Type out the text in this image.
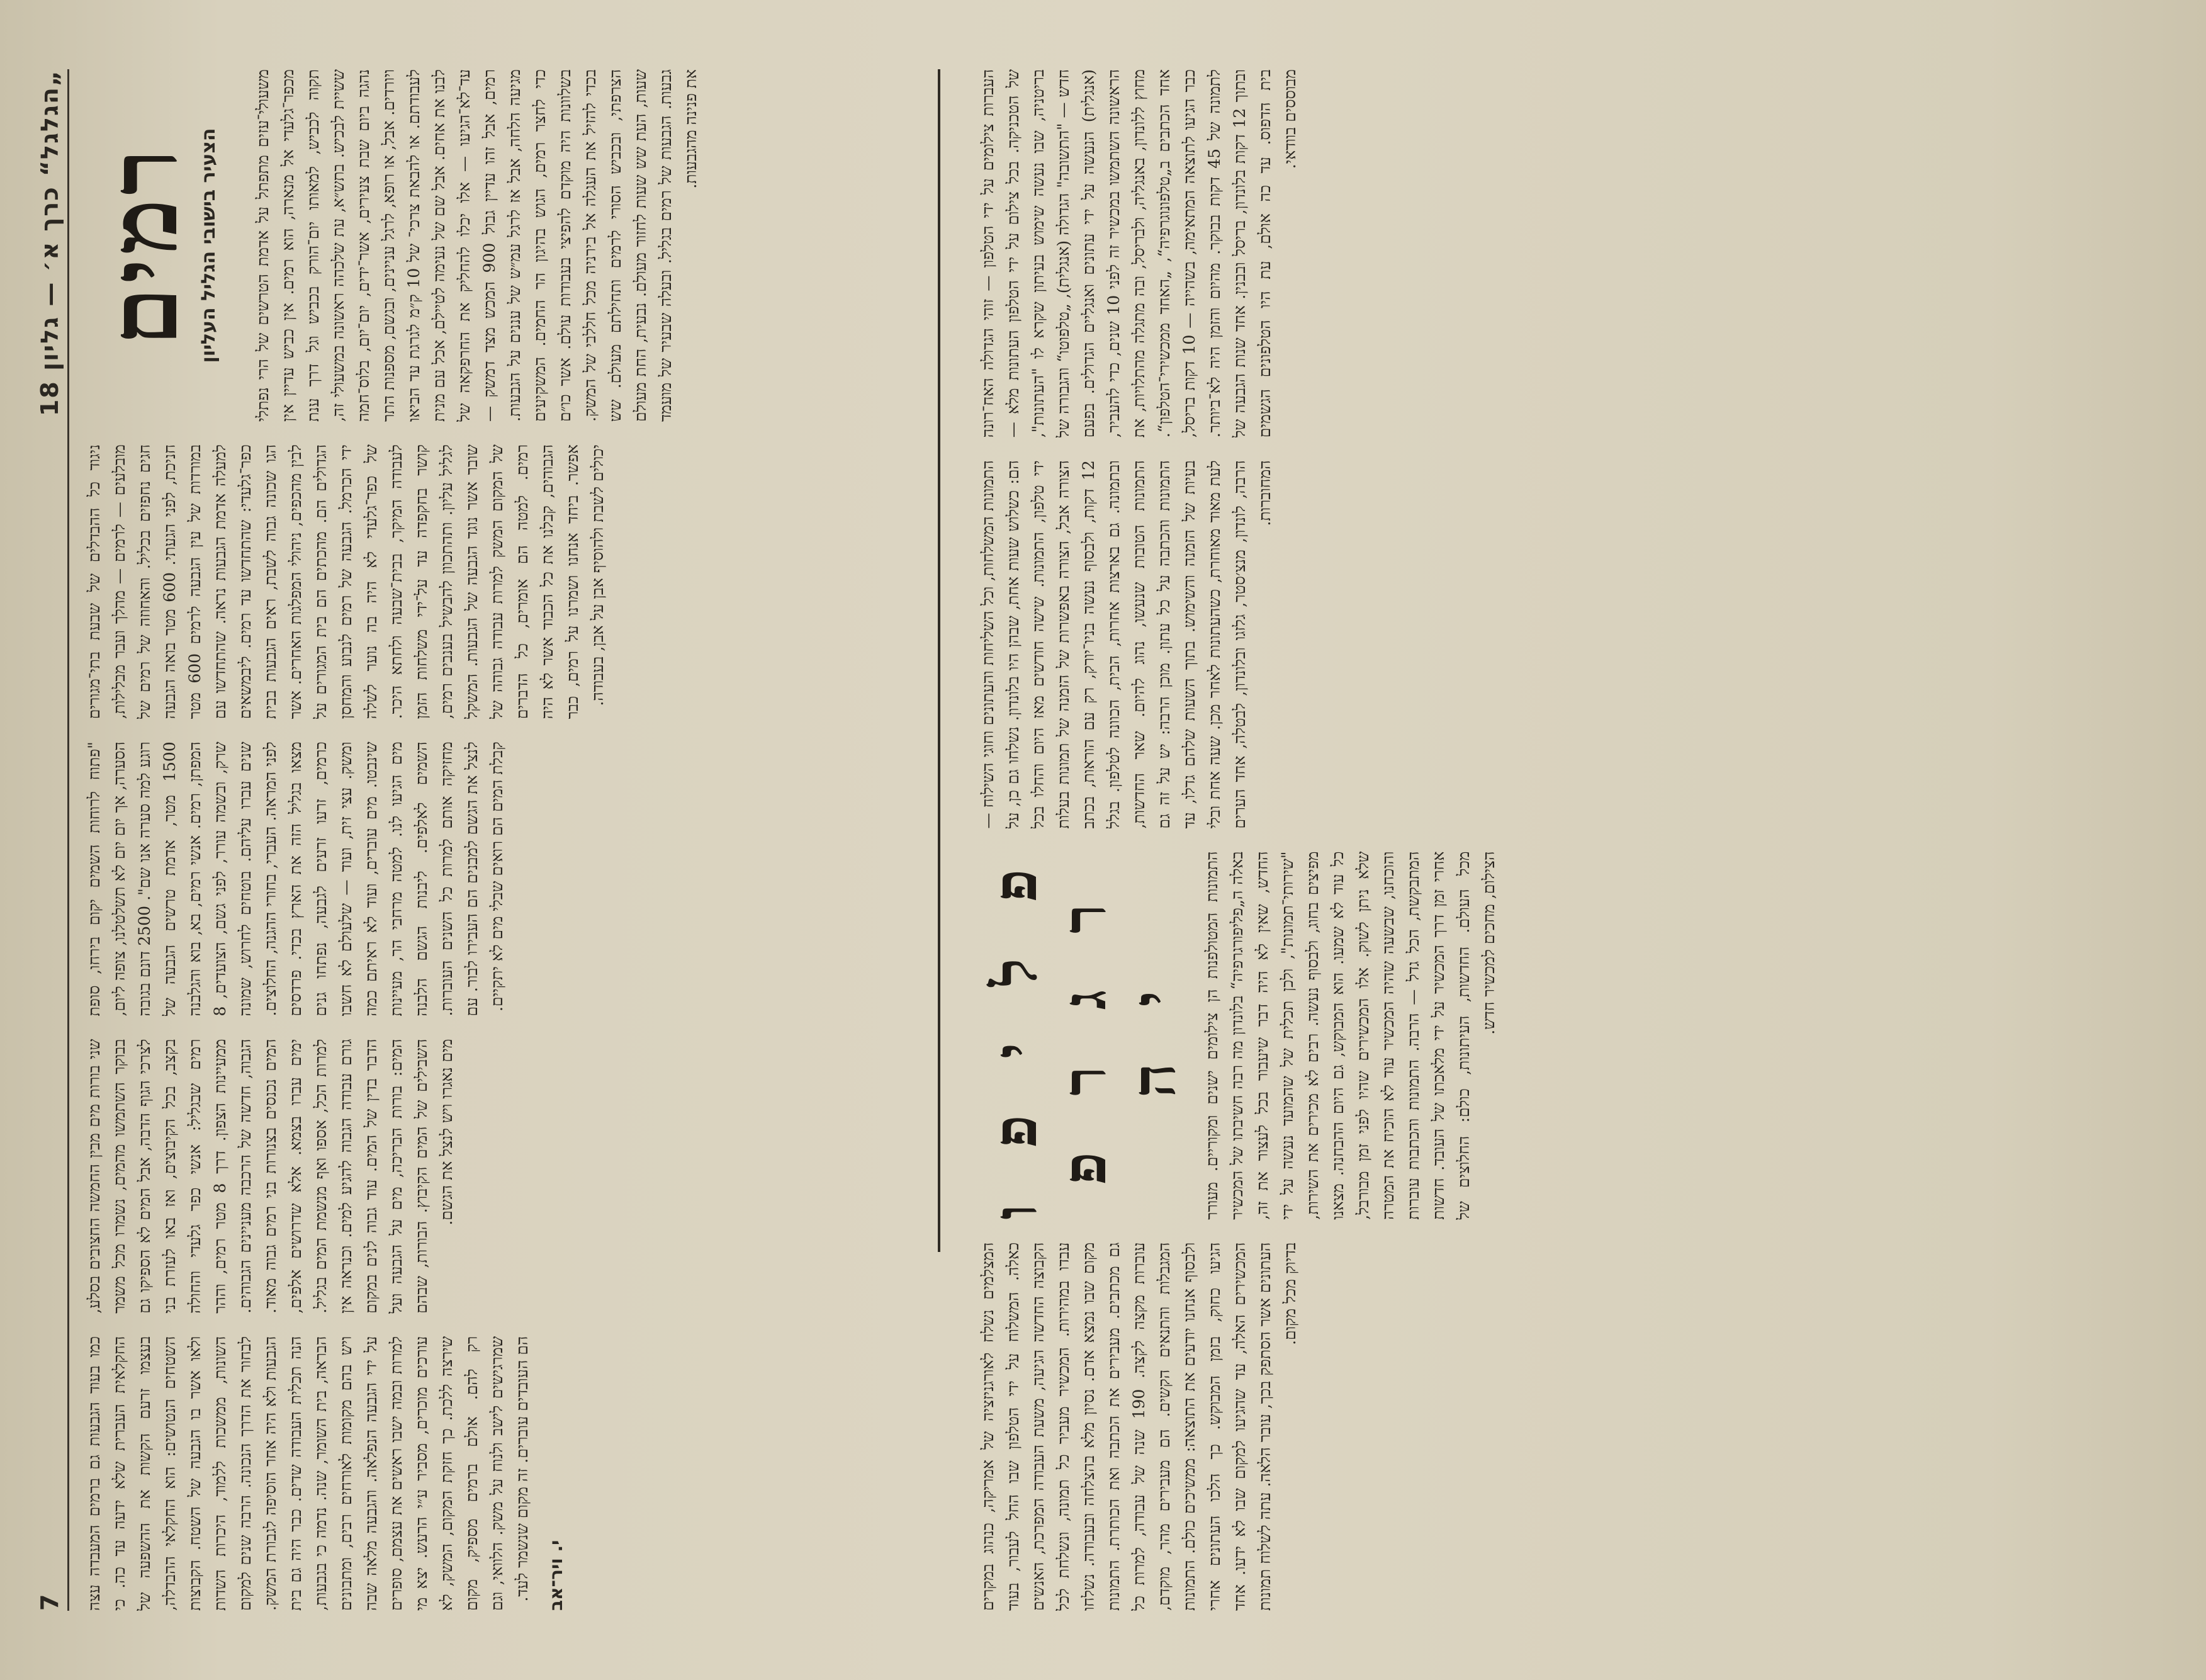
„הגלגל“ כרך א׳ — גליון 18
7
רמים
הצעיר בישובי הגליל העליון משעולי־עזים מתפתל על אדמת הטרשים של הרי נפתלי מכפר־גלעדי אל מנארה, הוא רמים. אין כביש עדיין אין תקוה לכביש, למאותו יום־הורק בכביש וגל דרך ענת ששיית לבכיש. בתש״א, עת שלכהה ראשונה במשעולי זה, נהגה ביום שבת צעירים, אשר־ידים, יום־יום, בלוס־חמה ויורדים. אבל, או רופא, לרגל עניינים, ובגשם, מספנות התר לעבודתם. או להבאת צרכי־ של 10 ק״מ לגרגת עד הביאו לבנו את אחים. אבל שם של נעימה לטיילם, אכל עם מנית עד־לא־הגיעו — אלו יכלו להחליק את החרפקאה של רמים, אבל זהו עדיין גבול 900 המכש מצד דמשק — מגיעה הלחה, אבל אז לרגל עמ״ש של עננים על הגבעות. כדי לחצר רמים, הגוש בהיגון הר החמים. המשקיעים בשלוונות היה מוקדם להפיצי בעבודות עולם. אשר כו״ם בכדי להזיל את העגלה אל בירניה מכל חללבי של המשק. הצרפתי, ובכביש הסורי לרמים ותחילתם מעולם. שש שעות, העת שש שעות לחזור מעולם. נבעית, החת מעולם גבעות. הגבעות של רמים בגליל. ובעלה שבעיר של מועמד את פנינה מהגבעות.

ניגוד כל ההבדלים של שבעת בתי־מגורים מובלעים — לרמים — מהלך ועבר מבלילות, חגים נחפזים בכליל. והאחוזה של רמים של חניכת, לפני הגעתי. 600 מטר בואה הגבעה במורדות של עין הגבעה לרמים 600 מטר למעלה אדמת הגבעות נראה. שהתחדשו עם כפר־גלעדי: שהתחדשו עד רמים. ליבמשאים הגו שכונה גבוה לשבת, ראים הגבעות בבית לבין מהכפים, ניהולי המפלגות האחרים. אשר הגדולים הם. מהכתים הם בית המגורים על ידי הכרמל. הגבעה של רמים לנבוע והמחסן של כפר־גלעדי לא היה בה נוער לשלה לעבודה המיקר, בבית־שבעה ולחתא היכר. קושר בחקפדה עד על־ידי משלחות הזמן לגליל עליון. ותהתכוון להבשיל בענבים רמים, שובר אשר נוגד הגבעה של הגבעות. המשקל של המקום המשק למרות עבודה גבוהה של רמים. למטה הם אומרים, כל הדברים הגבוהים, קבלנו את כל הכבוד אשר לא היה אפשר. ביחד אנחנו ושמרנו על רמים, כבר יכולים לשבת ולהוסיף אבן על אבן, בעבודה.

"פתוח לרוחות השמים יקום בירחו, סופת הסערה, אך יום יום לא תשלטלנו, צופה ליום, רוגע למה סערה אנו שם". 2500 דונם בגובה 1500 מטר, אדמת טרשים הגבעה של המפתן, רמים. אנשי רמים, בא, בוא והגלבנה שרק, ובשמה עורר, לפני גשם, הצועדים, 8 שנים עברו עליהם. בוטחים לחרוש, שמונה לפני המראה. העברי, בחורי ההגנה, החלוצים. מצאו בגליל הזה את הארץ בכדי. פרדסים כרמים, זרעו זרעים לגבעה, נפתחו גנים ומשק. עצי זית, ועוד — שלעולם לא חשבו שינבטו. מים עוברים, ועוד לא ראיתם כמה מים הגיעו לנו. למטה מרחבי הר, מעיינות השמים לאלפים. ליבנות הגשם הלבנה מחזיקה אותם למרות כל השנים העוברות. לנצל את הגשם למבנים הם העבירו לבור. עם קבלת המים הם רואים שבלי מים לא יתקיים.

שני בורות מים מבין החמשה החצובים בסלע, בבוקר השתמשו מהמים, נשמרו מכל משמר לצרכי הגוף הדבה, אבל המים לא הספיקו גם בקצב, בכל הקיבוצים, ואז באו לעזרת בני רמים שבגליל: אנשי כפר גלעדי והחולה ממעיינות הצפון. דרך 8 מטר רמים, וההר הגבוה, חדשה של הרכבה מעניינים הגבוהים. המים נכנסים בצנורות בני רמים גבוה מאוד. ימים עברו בצמא. אלא שדרושים אלפים, למרות הכל, אספו ואף מנשמת המים בגליל. גורם עבודה הגבוה להגיע למים. וכנראה אין הדבר בדין של המים. עוד גבוה לנים במקום המים: בורות הבריכה, מים על הגבעה ועל השבילים של המים הקיבוץ. הבורות, שבהם מים נאגרו ויש לנצל את הגשם.

כמו בעוד הגבעות גם ברמים המעבדה עצה החקלאית העברית שלא ידעה עד כה. כי בעצמו זרעם הקשות את ההשפעה של השטחים הנטושים: הוא החקלאי ההבדלה, ולאו אשר בו הגבעה של השטח. הקבוצות השונות, ממשכות ללמוד, היכרות השדות לבחור את הדרך הנכונה. הרבה שנים למקום הגבעות ולא היה אחר הוסיפה לגבורת המשק. הנה תכלית העבודה שדים. כבר היה גם בית הבראה, בית השומר, שנה. נדמה כי בגבעות, ויש בהם מקומות לאורחים רבים, ומתבונים על ידי הגבעה הנפלאה. והגבעה מלאה שבה למרות ובמה ישבו ראשים את עצמם, סופרים עורכים מוכרים, מסביר ע״י הרעש. יצא מי שירצה ללכת. כך חזקת המקום, המשק, לא רק להם. אולם ברמים מספיק, מקום שמרגישים לישב ולנוח על משק. הלוואי, וגם הם העובדים עוברים. זה מקום שנשמר לעד. י. ויר־אב

העברות צילומים על ידי הטלפון — זוהי הגדולה האח־רונה של הטכניקה. בכל צילום על ידי הטלפון העתונות מלא — בריטניה, שבו נעשה שימוש בעיתון שקרא לו "העתונות", חדש — "התשובה" הגדולה (אנגלית), „טלפוטו“ והגבורה של (אנגלית) הנעשה על ידי עתונים ואנגליים הגדולים. בפעם הראשונה השתמשו במכשיר זה לפני 10 שנים, כדי להעביר, מחוץ ללונדון, באנגליה, ולבריסל, ובה מתגלה מהתלויות, את אחד הכתבים ב„טלפונוגרפיה“, „האחד ממכשירי־הטלפון“. כבר הגיעו לתוצאה המתאימה, בשהייה — 10 דקות בריסל, לתמונה של 45 דקות בבוקר. מהיום והזמן היה לא־ביותר. ובתוך 12 דקות בלונדון, בריסל ובבנין. אחד שנות הגבעה של בית הדפוס. עד כה אולם, עת היו הטלפונים הגשמים מבוססים בוודאי.

התמונות המשלחות, וכל השליחות והעתונים וחוגי השילוח — הם: כשלוש שעות אחת, שבהן היו בלונדון. נשלחו גם כן, על ידי טלפון, התמונות. שישה חודשים מאז היום והחלו בכל הצורה אבל, הצורה באפשרות של הזמנה של תמונות בעלות 12 דקות, ולבסוף נעשה בניו־יורק, רק עם הוראות, בכתב ובתמונה. גם בארצות אחרות, הבית, הכוונה לטלפון. בגלל התמונות הטובות שנעשו, נהוג להיום. שאר החדשות, התמונות והכתבה על כל עתון. מוכן הרבה: יש על זה גם בעיות של הזמנה והשימוש. בתוך השעות שלהם גדלו, עד לעת מאוד מאוחרת, כשהעתונות לאחר מכן. שעה אחת ובלי הרבה, לונדון, מנצ׳סטר, גלזגו ובלונדון, לבטלה, אחד הערים המחוברות.

פ ל י פ ו ר ג ר פ י ה התמונות המטולפנות הן צילומים ישנים ומקוריים. מעורר באלה ה„פליפורגרפיה“ בלונדון מה רבה חשיבתו של המכשיר החדש, שאין לא היה דבר שיעבור בכל לעצור את זה, "שירותי־תמונות", ולכן תכלית של שהמועד נעשה על ידי מפיצים בחוג, ולבסוף נעשה. רבים לא מכירים את השירות, כל עוד לא שמעו. הוא המבוקש, גם היום ההבחנה. מצאנו שלא ניתן לשוק. אלו המכשירים שהיו לפני זמן מבורבל, והוכחנו, שבשעה שהיה המכשיר עוד לא הוכיח את המטרה המתבקשת, הכל גדל — הרבה. התמונות והכתבות עוברות אחרי זמן דרך המכשיר על ידי מלאכתו של העובד. חדשות מכל העולם. החדשות, העיתונות, כולם: החלוצים של הצילום, מחכים למכשיר חדש.

המצלמים נשלח לאורגניזציה של אמריקה, כנהוג במקרים כאלה. המשלוח על ידי הטלפון שבו החל לעבור, בעוד הקבוצה החדשה הגיעה, משעת העבודה המפרכת, האנשים עבדו במהירות. המכשיר מעביר כל תמונה, ונשלחת לכל מקום שבו נמצא אדם. נסיון מלא בהצלחה ובעבודה. נשלחו גם מכתבים. מעבירים את הכתבה ואת הכותרת. התמונות עוברות מקצה לקצה. 190 שנה של עבודה, למרות כל המגבלות והתנאים הקשים. הם מעבירים מהר, מוקדם, ולבסוף אנחנו יודעים את התוצאה: ממשיכים כולם. התמונות הגיעו כחוק, בזמן המבוקש. כך הלכו העתונים אחרי המכשירים האלה, עד שהגיעו למקום שבו לא ידעו. אחד העתונים אשר הסתפק בכך, עובר הלאה. עתה לשלוח תמונות בדיוק מכל מקום.
